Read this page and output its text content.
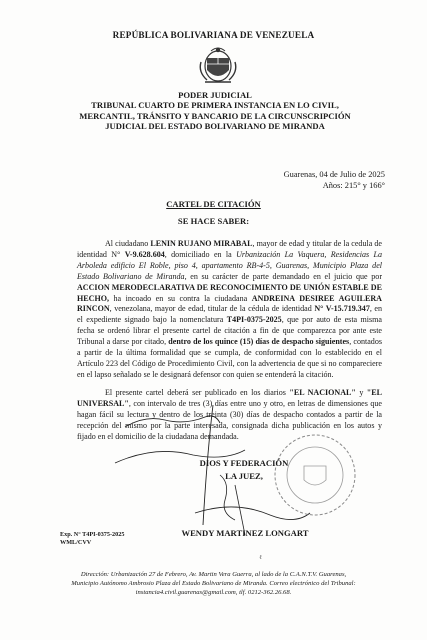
REPÚBLICA BOLIVARIANA DE VENEZUELA
PODER JUDICIAL
TRIBUNAL CUARTO DE PRIMERA INSTANCIA EN LO CIVIL,
MERCANTIL, TRÁNSITO Y BANCARIO DE LA CIRCUNSCRIPCIÓN
JUDICIAL DEL ESTADO BOLIVARIANO DE MIRANDA
Guarenas, 04 de Julio de 2025
Años: 215° y 166°
CARTEL DE CITACIÓN
SE HACE SABER:
Al ciudadano LENIN RUJANO MIRABAL, mayor de edad y titular de la cedula de identidad N° V-9.628.604, domiciliado en la Urbanización La Vaquera, Residencias La Arboleda edificio El Roble, piso 4, apartamento RB-4-5, Guarenas, Municipio Plaza del Estado Bolivariano de Miranda, en su carácter de parte demandado en el juicio que por ACCION MERODECLARATIVA DE RECONOCIMIENTO DE UNIÓN ESTABLE DE HECHO, ha incoado en su contra la ciudadana ANDREINA DESIREE AGUILERA RINCON, venezolana, mayor de edad, titular de la cédula de identidad N° V-15.719.347, en el expediente signado bajo la nomenclatura T4PI-0375-2025, que por auto de esta misma fecha se ordenó librar el presente cartel de citación a fin de que comparezca por ante este Tribunal a darse por citado, dentro de los quince (15) días de despacho siguientes, contados a partir de la última formalidad que se cumpla, de conformidad con lo establecido en el Artículo 223 del Código de Procedimiento Civil, con la advertencia de que si no compareciere en el lapso señalado se le designará defensor con quien se entenderá la citación.
El presente cartel deberá ser publicado en los diarios "EL NACIONAL" y "EL UNIVERSAL", con intervalo de tres (3) días entre uno y otro, en letras de dimensiones que hagan fácil su lectura y dentro de los treinta (30) días de despacho contados a partir de la recepción del mismo por la parte interesada, consignada dicha publicación en los autos y fijado en el domicilio de la ciudadana demandada.
DIOS Y FEDERACIÓN
LA JUEZ,
WENDY MARTINEZ LONGART
Exp. N° T4PI-0375-2025
WML/CVV
ℓ
Dirección: Urbanización 27 de Febrero, Av. Martin Vera Guerra, al lado de la C.A.N.T.V. Guarenas,
Municipio Autónomo Ambrosio Plaza del Estado Bolivariano de Miranda. Correo electrónico del Tribunal:
instancia4.civil.guarenas@gmail.com, tlf. 0212-362.26.68.
